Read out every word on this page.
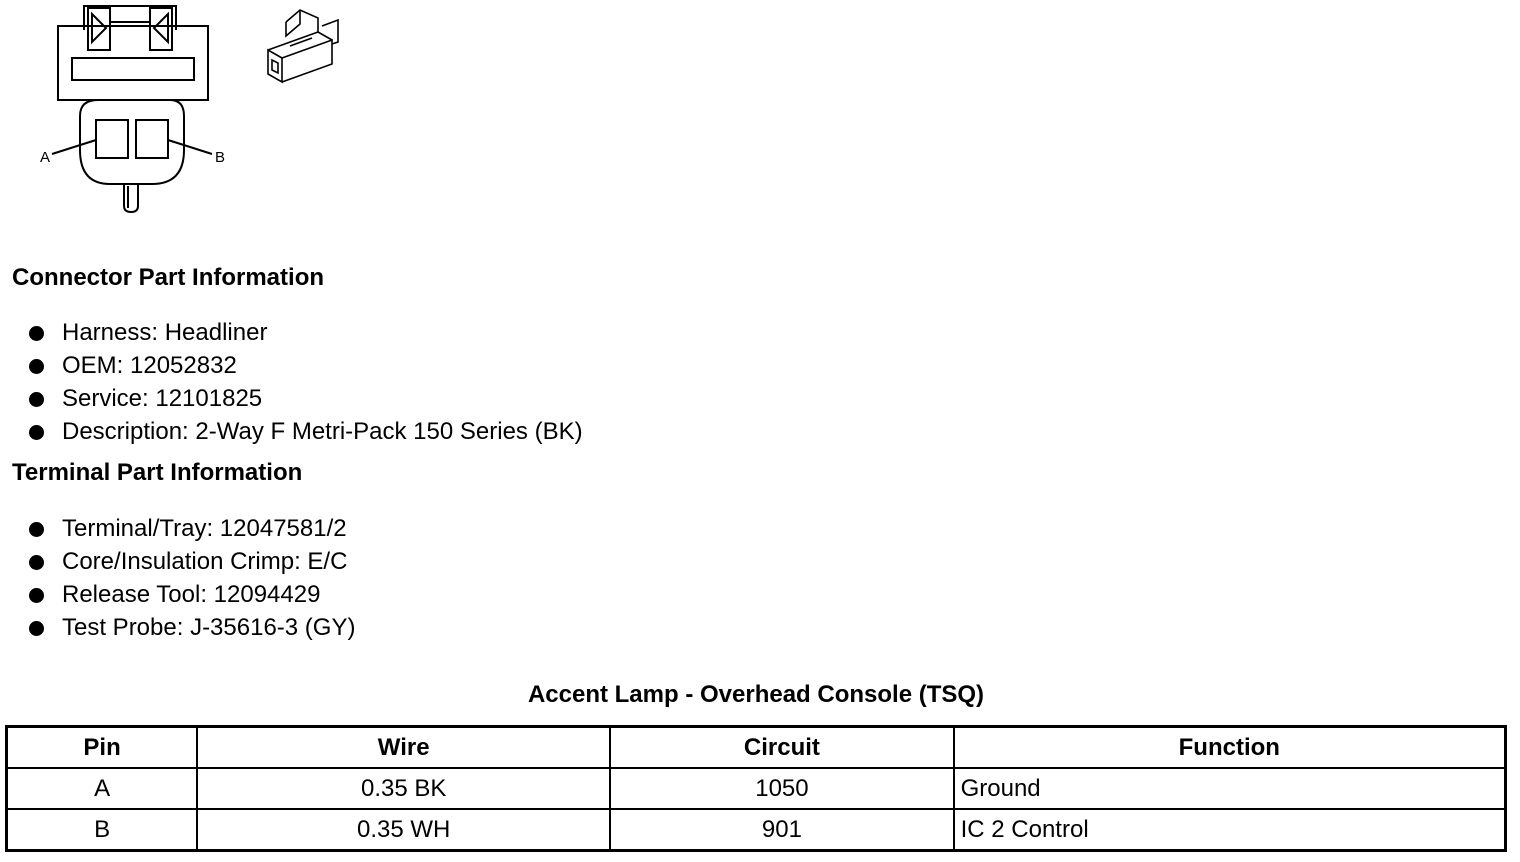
A	B
Connector Part Information
Harness: Headliner
OEM: 12052832
Service: 12101825
Description: 2-Way F Metri-Pack 150 Series (BK)
Terminal Part Information
Terminal/Tray: 12047581/2
Core/Insulation Crimp: E/C
Release Tool: 12094429
Test Probe: J-35616-3 (GY)
Accent Lamp - Overhead Console (TSQ)
Pin	Wire	Circuit	Function
A	0.35 BK	1050	Ground
B	0.35 WH	901	IC 2 Control
